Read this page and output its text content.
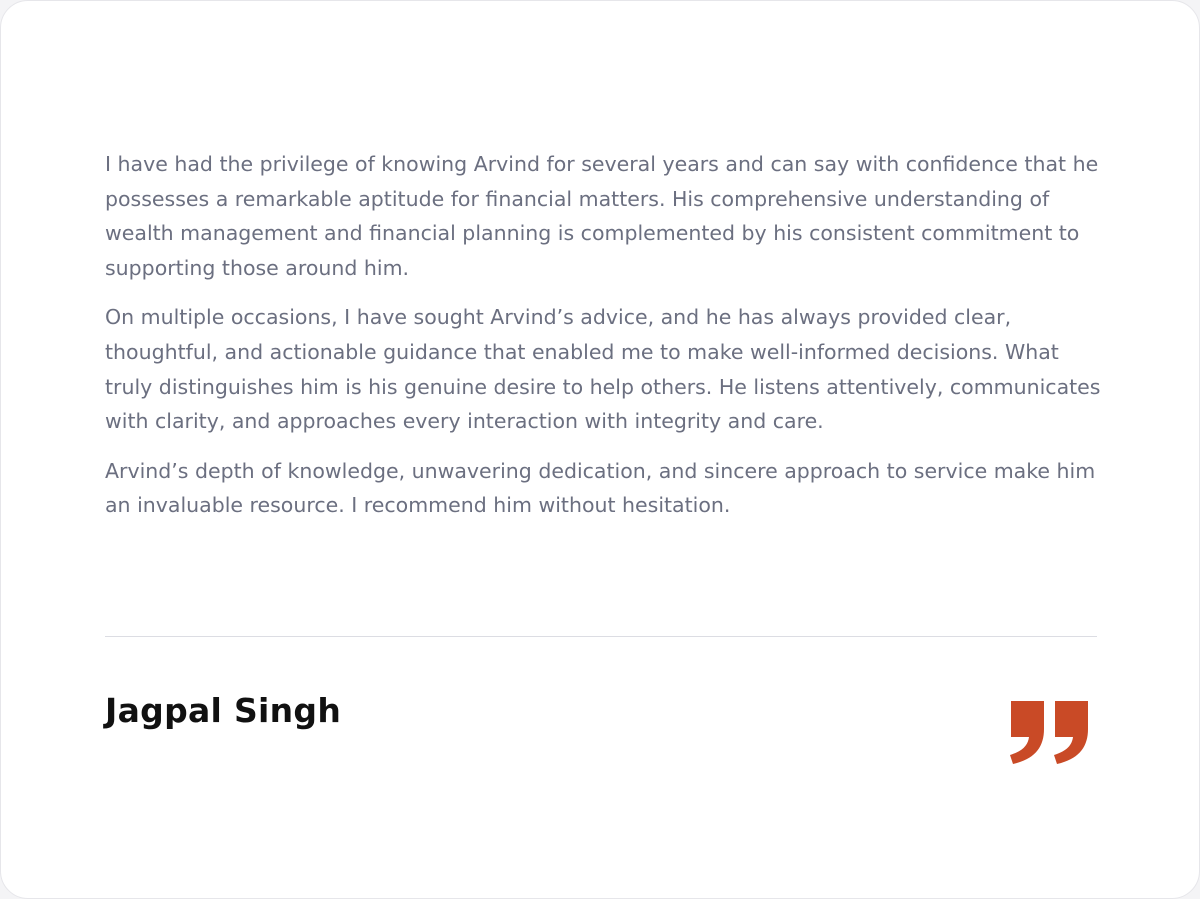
I have had the privilege of knowing Arvind for several years and can say with confidence that he possesses a remarkable aptitude for financial matters. His comprehensive understanding of wealth management and financial planning is complemented by his consistent commitment to supporting those around him.

On multiple occasions, I have sought Arvind’s advice, and he has always provided clear, thoughtful, and actionable guidance that enabled me to make well-informed decisions. What truly distinguishes him is his genuine desire to help others. He listens attentively, communicates with clarity, and approaches every interaction with integrity and care.

Arvind’s depth of knowledge, unwavering dedication, and sincere approach to service make him an invaluable resource. I recommend him without hesitation.

Jagpal Singh
